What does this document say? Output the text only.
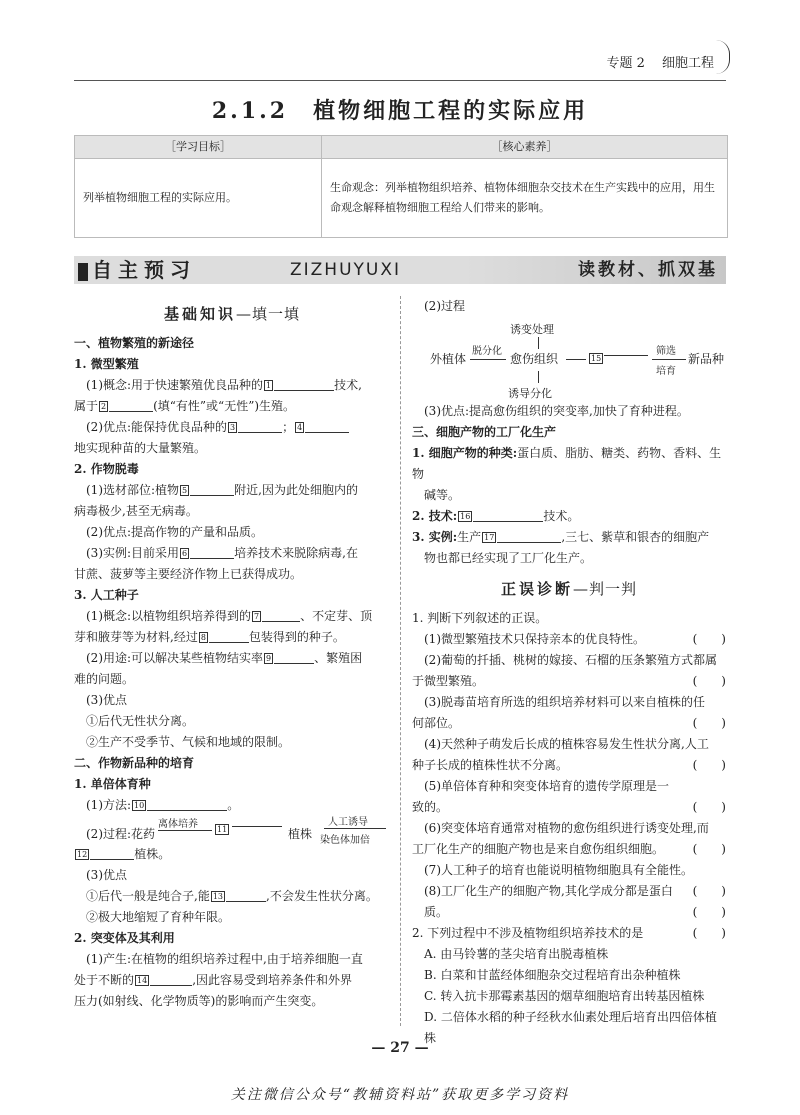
专题 2　 细胞工程
2.1.2　植物细胞工程的实际应用
［学习目标］	［核心素养］
列举植物细胞工程的实际应用。
生命观念：列举植物组织培养、植物体细胞杂交技术在生产实践中的应用，用生命观念解释植物细胞工程给人们带来的影响。
自主预习	ZIZHUYUXI	读教材、抓双基
基础知识—填一填

一、植物繁殖的新途径

1. 微型繁殖

(1)概念:用于快速繁殖优良品种的 1	技术,

属于 2	(填“有性”或“无性”)生殖。

(2)优点:能保持优良品种的 3	； 4

地实现种苗的大量繁殖。

2. 作物脱毒

(1)选材部位:植物 5	附近,因为此处细胞内的

病毒极少,甚至无病毒。

(2)优点:提高作物的产量和品质。

(3)实例:目前采用 6	培养技术来脱除病毒,在

甘蔗、菠萝等主要经济作物上已获得成功。

3. 人工种子

(1)概念:以植物组织培养得到的 7	、不定芽、顶

芽和腋芽等为材料,经过 8	包装得到的种子。

(2)用途:可以解决某些植物结实率 9	、繁殖困

难的问题。

(3)优点

①后代无性状分离。

②生产不受季节、气候和地域的限制。

二、作物新品种的培育

1. 单倍体育种

(1)方法: 10	。

(2)过程:花药
离体培养 11	植株
人工诱导
染色体加倍

12	植株。

(3)优点

①后代一般是纯合子,能 13	,不会发生性状分离。

②极大地缩短了育种年限。

2. 突变体及其利用

(1)产生:在植物的组织培养过程中,由于培养细胞一直

处于不断的 14	,因此容易受到培养条件和外界

压力(如射线、化学物质等)的影响而产生突变。

(2)过程

诱变处理
外植体
脱分化
愈伤组织	15
筛选
培育
新品种
诱导分化

(3)优点:提高愈伤组织的突变率,加快了育种进程。

三、细胞产物的工厂化生产

1. 细胞产物的种类:蛋白质、脂肪、糖类、药物、香料、生物

碱等。

2. 技术: 16	技术。

3. 实例:生产 17	,三七、紫草和银杏的细胞产

物也都已经实现了工厂化生产。

正误诊断—判一判

1. 判断下列叙述的正误。

(1)微型繁殖技术只保持亲本的优良特性。	(　　)

(2)葡萄的扦插、桃树的嫁接、石榴的压条繁殖方式都属

于微型繁殖。	(　　)

(3)脱毒苗培育所选的组织培养材料可以来自植株的任

何部位。	(　　)

(4)天然种子萌发后长成的植株容易发生性状分离,人工

种子长成的植株性状不分离。	(　　)

(5)单倍体育种和突变体培育的遗传学原理是一

致的。	(　　)

(6)突变体培育通常对植物的愈伤组织进行诱变处理,而

工厂化生产的细胞产物也是来自愈伤组织细胞。 (　　)

(7)人工种子的培育也能说明植物细胞具有全能性。
(　　)

(8)工厂化生产的细胞产物,其化学成分都是蛋白质。	(　　)

2. 下列过程中不涉及植物组织培养技术的是	(　　)

A. 由马铃薯的茎尖培育出脱毒植株

B. 白菜和甘蓝经体细胞杂交过程培育出杂种植株

C. 转入抗卡那霉素基因的烟草细胞培育出转基因植株

D. 二倍体水稻的种子经秋水仙素处理后培育出四倍体植株

— 27 —
关注微信公众号“教辅资料站”获取更多学习资料
